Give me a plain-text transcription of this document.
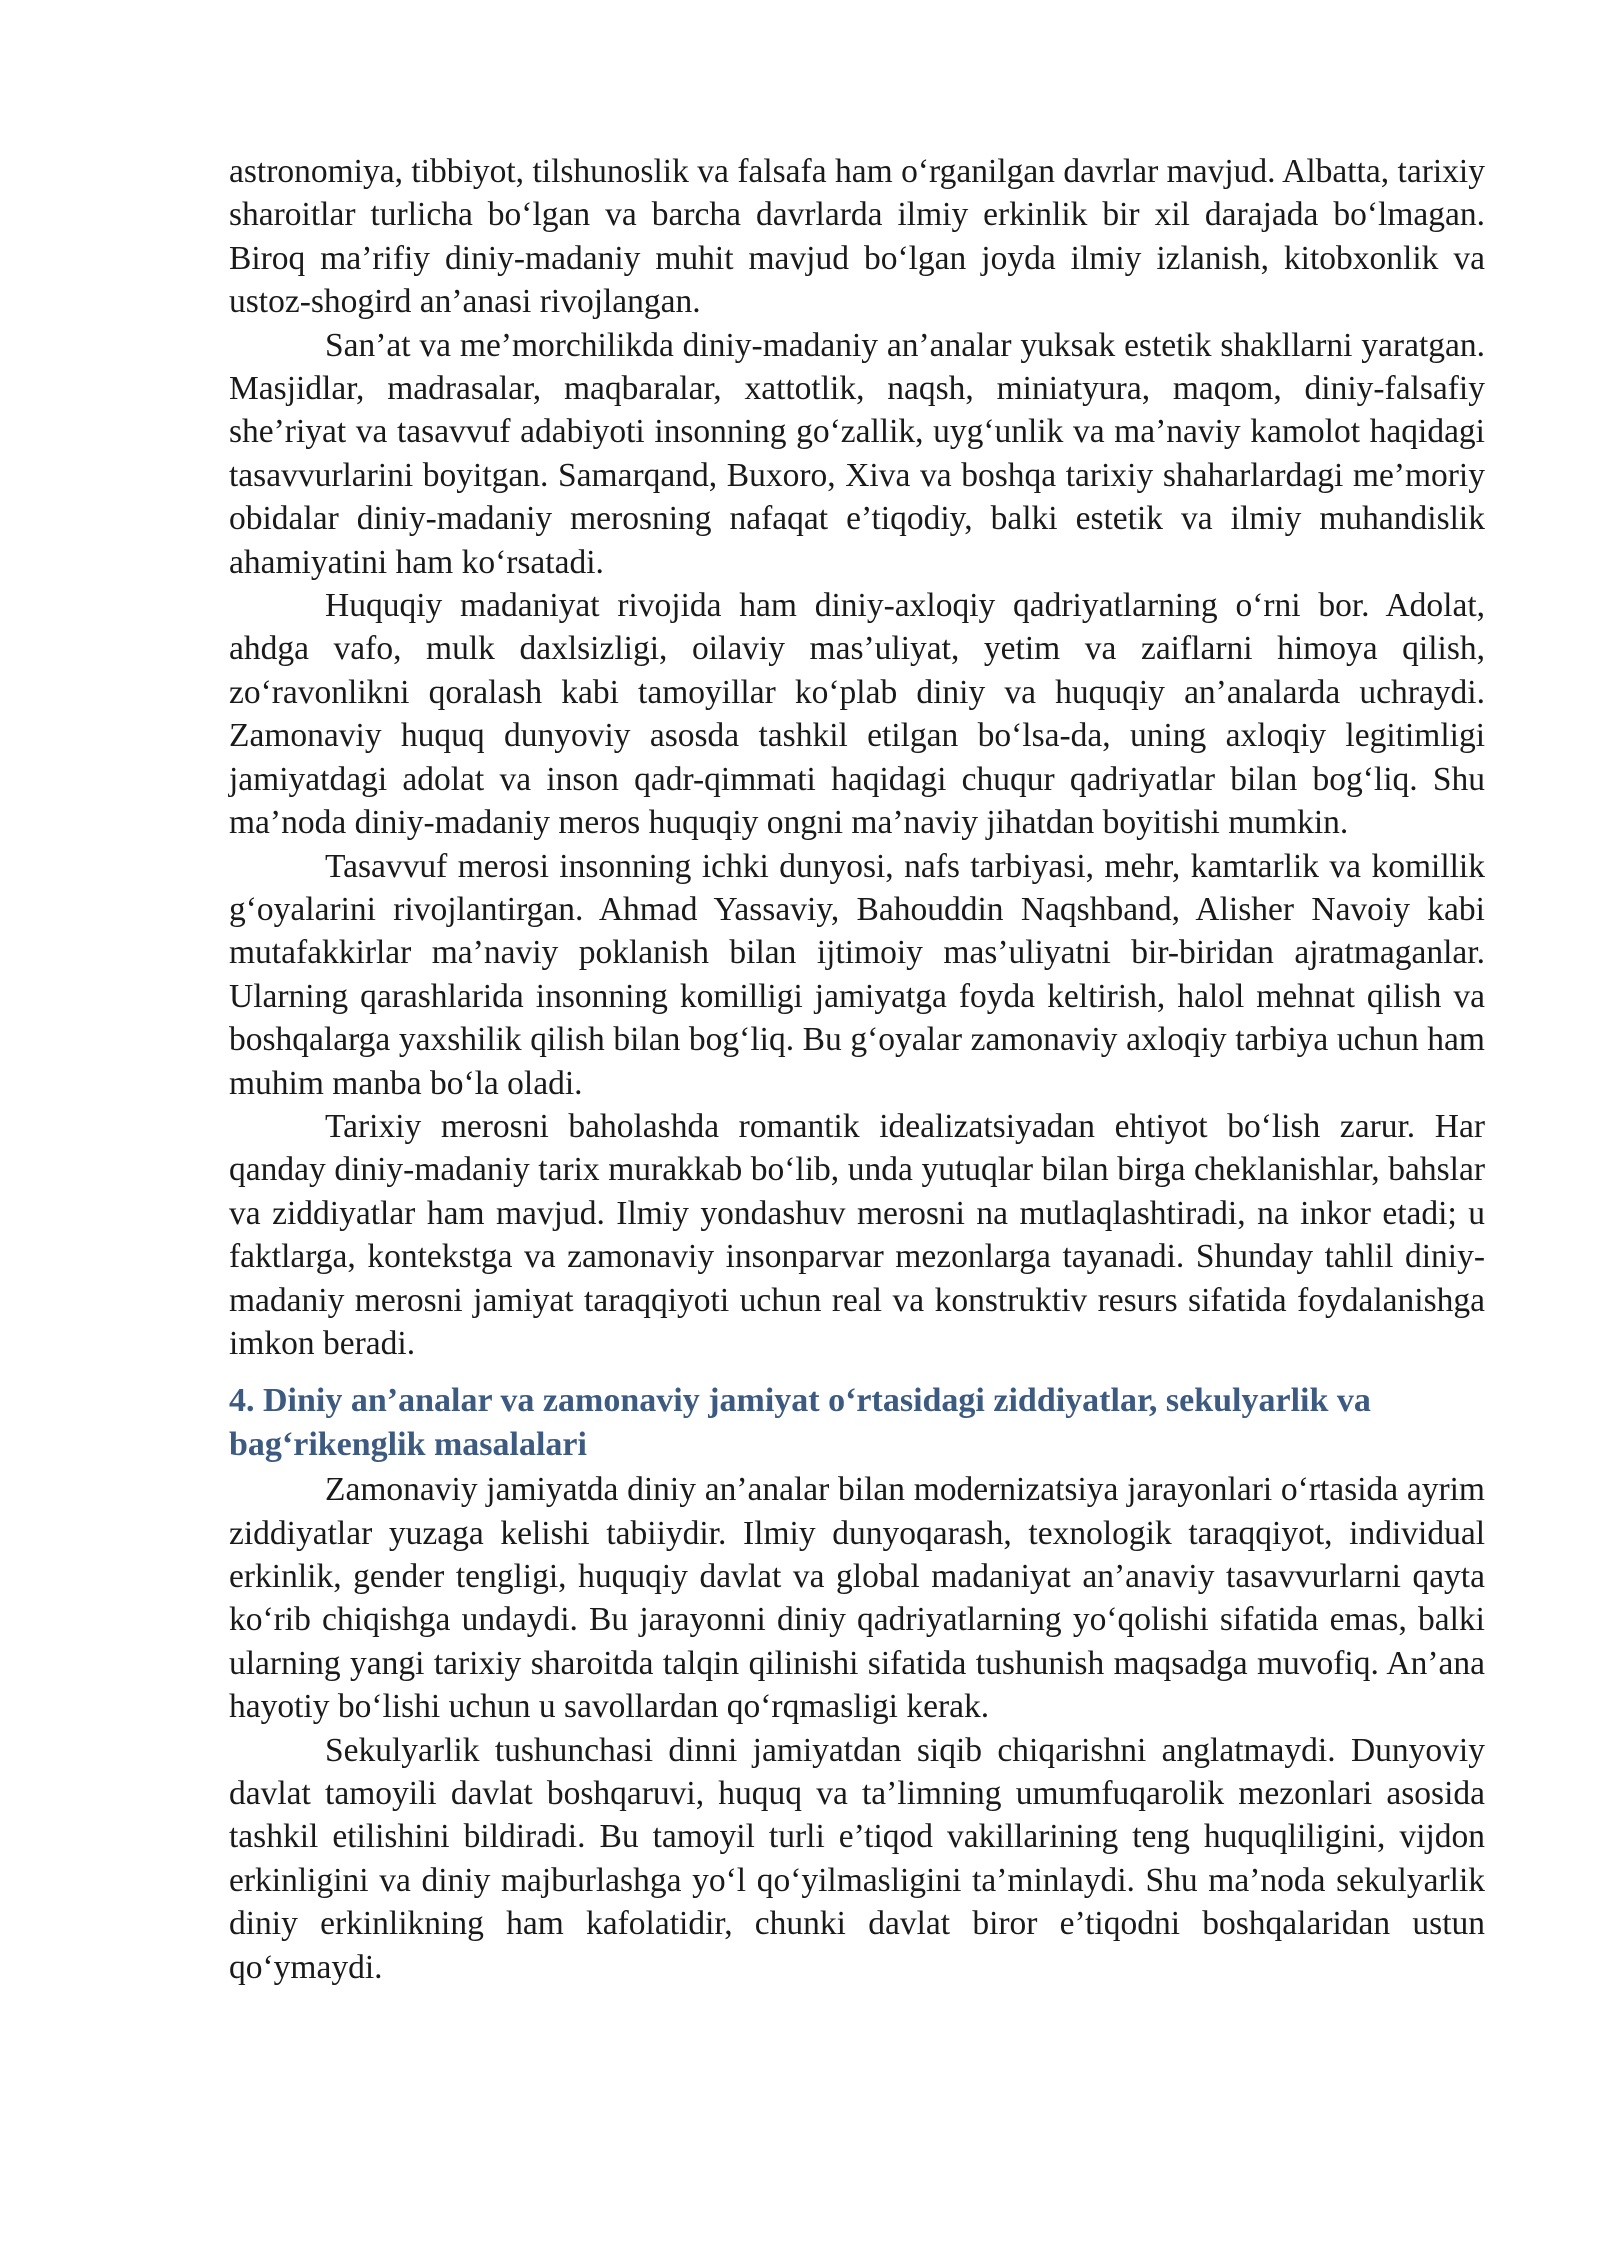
astronomiya, tibbiyot, tilshunoslik va falsafa ham o‘rganilgan davrlar mavjud. Albatta, tarixiy sharoitlar turlicha bo‘lgan va barcha davrlarda ilmiy erkinlik bir xil darajada bo‘lmagan. Biroq ma’rifiy diniy-madaniy muhit mavjud bo‘lgan joyda ilmiy izlanish, kitobxonlik va ustoz-shogird an’anasi rivojlangan.

San’at va me’morchilikda diniy-madaniy an’analar yuksak estetik shakllarni yaratgan. Masjidlar, madrasalar, maqbaralar, xattotlik, naqsh, miniatyura, maqom, diniy-falsafiy she’riyat va tasavvuf adabiyoti insonning go‘zallik, uyg‘unlik va ma’naviy kamolot haqidagi tasavvurlarini boyitgan. Samarqand, Buxoro, Xiva va boshqa tarixiy shaharlardagi me’moriy obidalar diniy-madaniy merosning nafaqat e’tiqodiy, balki estetik va ilmiy muhandislik ahamiyatini ham ko‘rsatadi.

Huquqiy madaniyat rivojida ham diniy-axloqiy qadriyatlarning o‘rni bor. Adolat, ahdga vafo, mulk daxlsizligi, oilaviy mas’uliyat, yetim va zaiflarni himoya qilish, zo‘ravonlikni qoralash kabi tamoyillar ko‘plab diniy va huquqiy an’analarda uchraydi. Zamonaviy huquq dunyoviy asosda tashkil etilgan bo‘lsa-da, uning axloqiy legitimligi jamiyatdagi adolat va inson qadr-qimmati haqidagi chuqur qadriyatlar bilan bog‘liq. Shu ma’noda diniy-madaniy meros huquqiy ongni ma’naviy jihatdan boyitishi mumkin.

Tasavvuf merosi insonning ichki dunyosi, nafs tarbiyasi, mehr, kamtarlik va komillik g‘oyalarini rivojlantirgan. Ahmad Yassaviy, Bahouddin Naqshband, Alisher Navoiy kabi mutafakkirlar ma’naviy poklanish bilan ijtimoiy mas’uliyatni bir-biridan ajratmaganlar. Ularning qarashlarida insonning komilligi jamiyatga foyda keltirish, halol mehnat qilish va boshqalarga yaxshilik qilish bilan bog‘liq. Bu g‘oyalar zamonaviy axloqiy tarbiya uchun ham muhim manba bo‘la oladi.

Tarixiy merosni baholashda romantik idealizatsiyadan ehtiyot bo‘lish zarur. Har qanday diniy-madaniy tarix murakkab bo‘lib, unda yutuqlar bilan birga cheklanishlar, bahslar va ziddiyatlar ham mavjud. Ilmiy yondashuv merosni na mutlaqlashtiradi, na inkor etadi; u faktlarga, kontekstga va zamonaviy insonparvar mezonlarga tayanadi. Shunday tahlil diniy-madaniy merosni jamiyat taraqqiyoti uchun real va konstruktiv resurs sifatida foydalanishga imkon beradi.

4. Diniy an’analar va zamonaviy jamiyat o‘rtasidagi ziddiyatlar, sekulyarlik va bag‘rikenglik masalalari

Zamonaviy jamiyatda diniy an’analar bilan modernizatsiya jarayonlari o‘rtasida ayrim ziddiyatlar yuzaga kelishi tabiiydir. Ilmiy dunyoqarash, texnologik taraqqiyot, individual erkinlik, gender tengligi, huquqiy davlat va global madaniyat an’anaviy tasavvurlarni qayta ko‘rib chiqishga undaydi. Bu jarayonni diniy qadriyatlarning yo‘qolishi sifatida emas, balki ularning yangi tarixiy sharoitda talqin qilinishi sifatida tushunish maqsadga muvofiq. An’ana hayotiy bo‘lishi uchun u savollardan qo‘rqmasligi kerak.

Sekulyarlik tushunchasi dinni jamiyatdan siqib chiqarishni anglatmaydi. Dunyoviy davlat tamoyili davlat boshqaruvi, huquq va ta’limning umumfuqarolik mezonlari asosida tashkil etilishini bildiradi. Bu tamoyil turli e’tiqod vakillarining teng huquqliligini, vijdon erkinligini va diniy majburlashga yo‘l qo‘yilmasligini ta’minlaydi. Shu ma’noda sekulyarlik diniy erkinlikning ham kafolatidir, chunki davlat biror e’tiqodni boshqalaridan ustun qo‘ymaydi.
